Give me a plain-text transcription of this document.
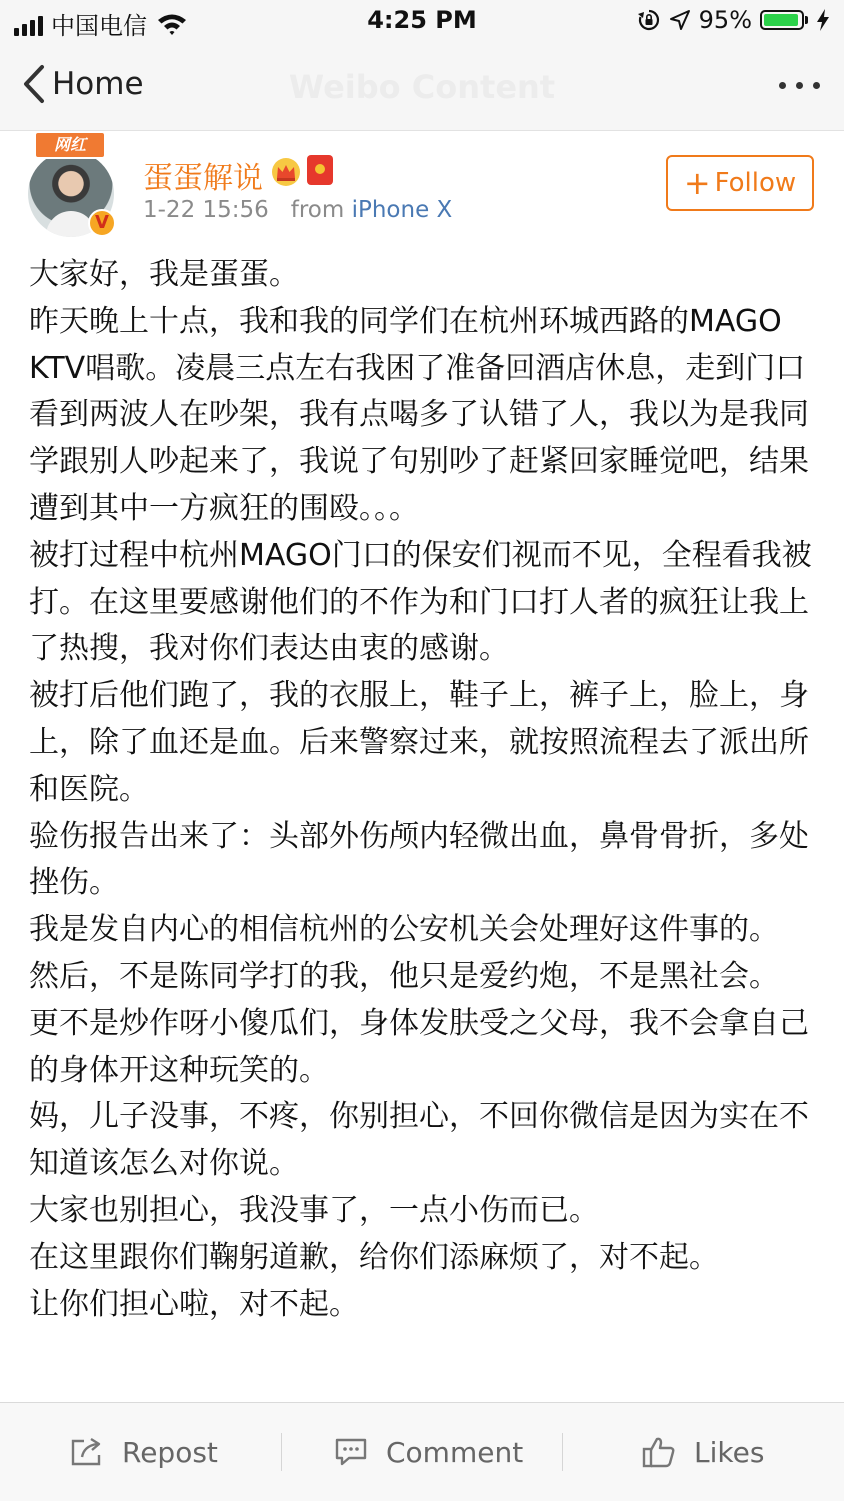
中国电信	4:25 PM	95%
Home	Weibo Content
网红
V
蛋蛋解说
1-22 15:56 from iPhone X
+ Follow

大家好，我是蛋蛋。

昨天晚上十点，我和我的同学们在杭州环城西路的MAGO KTV唱歌。凌晨三点左右我困了准备回酒店休息，走到门口看到两波人在吵架，我有点喝多了认错了人，我以为是我同学跟别人吵起来了，我说了句别吵了赶紧回家睡觉吧，结果遭到其中一方疯狂的围殴。。。

被打过程中杭州MAGO门口的保安们视而不见，全程看我被打。在这里要感谢他们的不作为和门口打人者的疯狂让我上了热搜，我对你们表达由衷的感谢。

被打后他们跑了，我的衣服上，鞋子上，裤子上，脸上，身上，除了血还是血。后来警察过来，就按照流程去了派出所和医院。

验伤报告出来了：头部外伤颅内轻微出血，鼻骨骨折，多处挫伤。

我是发自内心的相信杭州的公安机关会处理好这件事的。

然后，不是陈同学打的我，他只是爱约炮，不是黑社会。

更不是炒作呀小傻瓜们，身体发肤受之父母，我不会拿自己的身体开这种玩笑的。

妈，儿子没事，不疼，你别担心，不回你微信是因为实在不知道该怎么对你说。

大家也别担心，我没事了，一点小伤而已。

在这里跟你们鞠躬道歉，给你们添麻烦了，对不起。

让你们担心啦，对不起。

Repost	Comment	Likes
